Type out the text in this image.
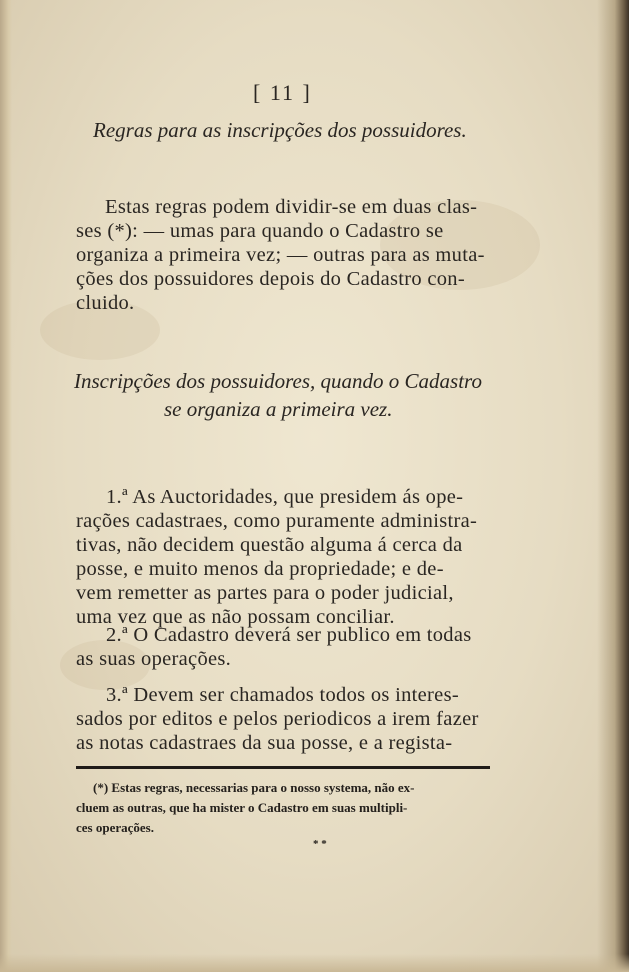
[ 11 ]
Regras para as inscripções dos possuidores.
Estas regras podem dividir-se em duas clas-
ses (*): — umas para quando o Cadastro se
organiza a primeira vez; — outras para as muta-
ções dos possuidores depois do Cadastro con-
cluido.
Inscripções dos possuidores, quando o Cadastro
se organiza a primeira vez.
1.ª As Auctoridades, que presidem ás ope-
rações cadastraes, como puramente administra-
tivas, não decidem questão alguma á cerca da
posse, e muito menos da propriedade; e de-
vem remetter as partes para o poder judicial,
uma vez que as não possam conciliar.
2.ª O Cadastro deverá ser publico em todas
as suas operações.
3.ª Devem ser chamados todos os interes-
sados por editos e pelos periodicos a irem fazer
as notas cadastraes da sua posse, e a regista-
(*) Estas regras, necessarias para o nosso systema, não ex-
cluem as outras, que ha mister o Cadastro em suas multipli-
ces operações.
* *
